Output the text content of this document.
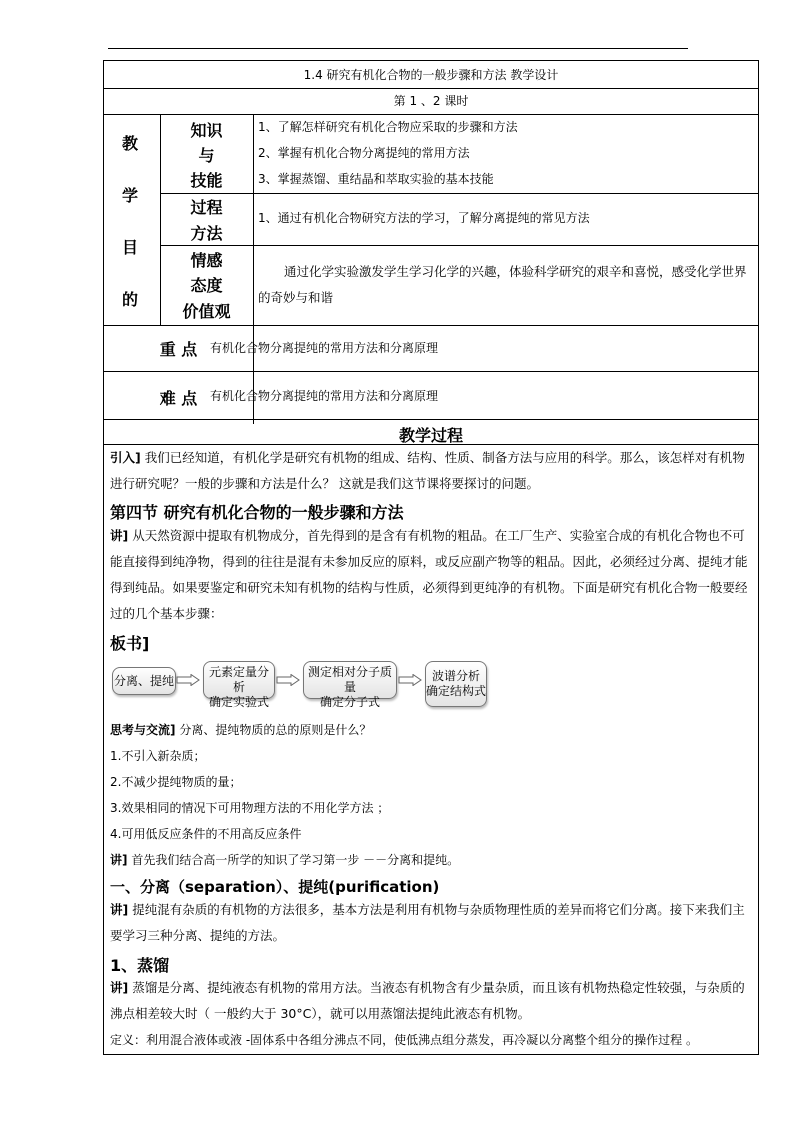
1.4 研究有机化合物的一般步骤和方法 教学设计
第 1 、2 课时
教
学
目
的
知识
与
技能
1、了解怎样研究有机化合物应采取的步骤和方法
2、掌握有机化合物分离提纯的常用方法
3、掌握蒸馏、重结晶和萃取实验的基本技能
过程
方法
1、通过有机化合物研究方法的学习，了解分离提纯的常见方法
情感
态度
价值观
通过化学实验激发学生学习化学的兴趣，体验科学研究的艰辛和喜悦，感受化学世界的奇妙与和谐
重 点	有机化合物分离提纯的常用方法和分离原理
难 点	有机化合物分离提纯的常用方法和分离原理
教学过程
引入] 我们已经知道，有机化学是研究有机物的组成、结构、性质、制备方法与应用的科学。那么，该怎样对有机物进行研究呢？一般的步骤和方法是什么？ 这就是我们这节课将要探讨的问题。
第四节 研究有机化合物的一般步骤和方法
讲] 从天然资源中提取有机物成分，首先得到的是含有有机物的粗品。在工厂生产、实验室合成的有机化合物也不可能直接得到纯净物，得到的往往是混有未参加反应的原料，或反应副产物等的粗品。因此，必须经过分离、提纯才能得到纯品。如果要鉴定和研究未知有机物的结构与性质，必须得到更纯净的有机物。下面是研究有机化合物一般要经过的几个基本步骤：
板书]
分离、提纯
元素定量分析
确定实验式
测定相对分子质量
确定分子式
波谱分析
确定结构式
思考与交流] 分离、提纯物质的总的原则是什么？
1.不引入新杂质；
2.不减少提纯物质的量；
3.效果相同的情况下可用物理方法的不用化学方法 ；
4.可用低反应条件的不用高反应条件
讲] 首先我们结合高一所学的知识了学习第一步 －－分离和提纯。
一、分离（separation）、提纯(purification)
讲] 提纯混有杂质的有机物的方法很多，基本方法是利用有机物与杂质物理性质的差异而将它们分离。接下来我们主要学习三种分离、提纯的方法。
1、蒸馏
讲] 蒸馏是分离、提纯液态有机物的常用方法。当液态有机物含有少量杂质，而且该有机物热稳定性较强，与杂质的沸点相差较大时（ 一般约大于 30°C），就可以用蒸馏法提纯此液态有机物。
定义：利用混合液体或液 -固体系中各组分沸点不同，使低沸点组分蒸发，再冷凝以分离整个组分的操作过程 。
